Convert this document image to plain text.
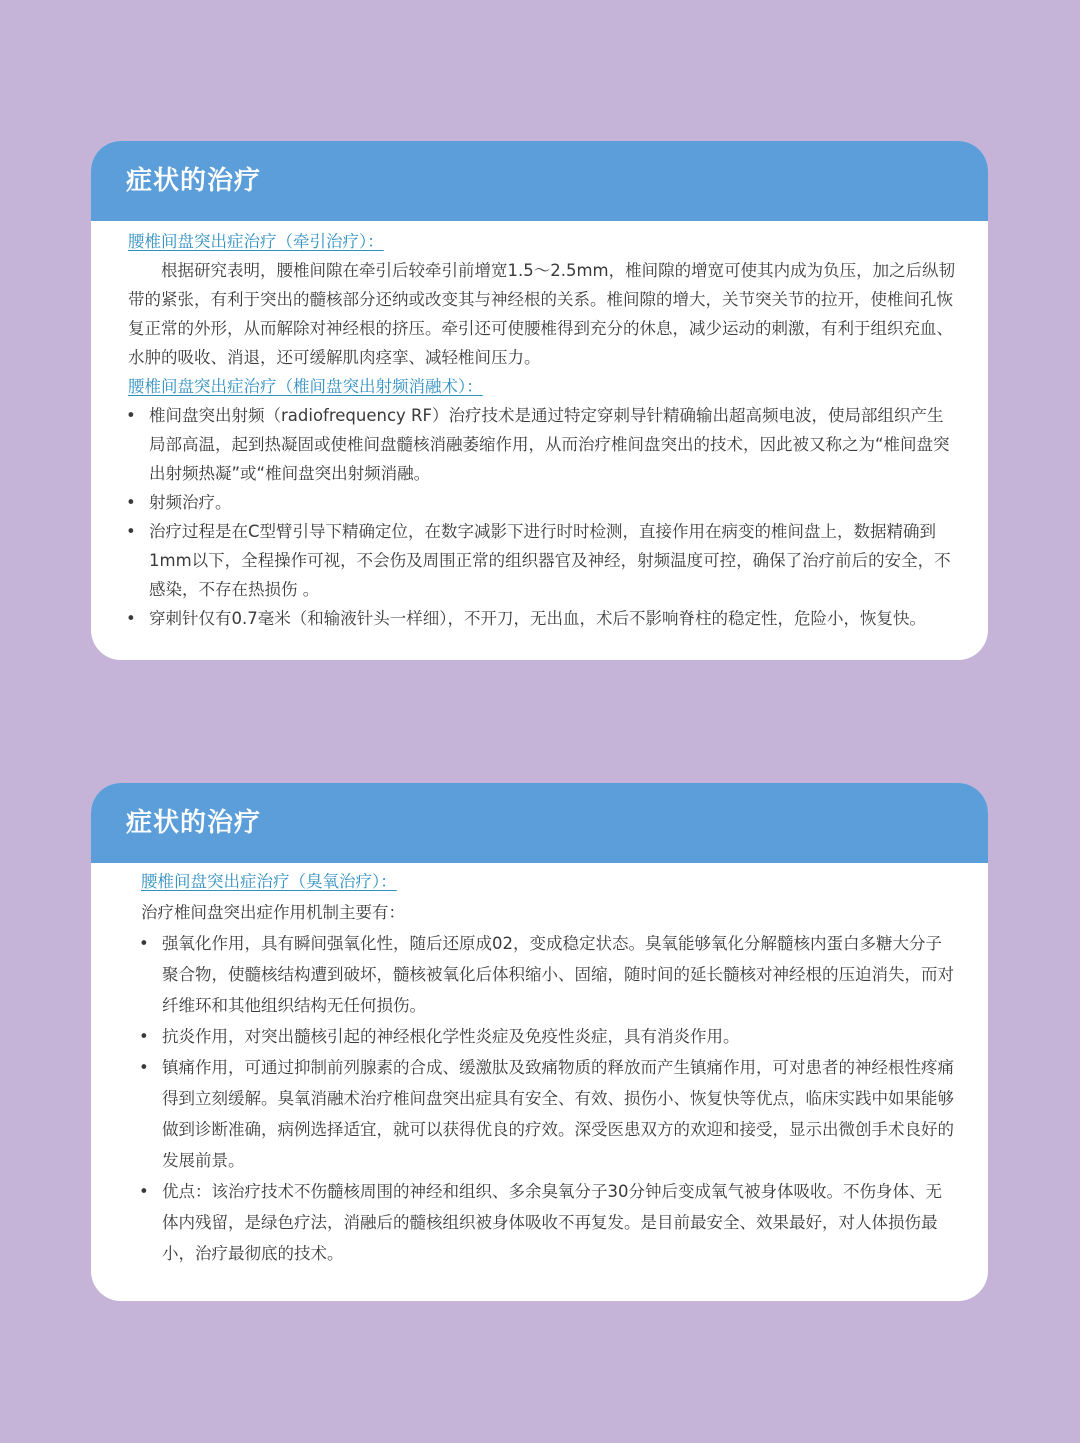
症状的治疗
腰椎间盘突出症治疗（牵引治疗）：

根据研究表明，腰椎间隙在牵引后较牵引前增宽1.5～2.5mm，椎间隙的增宽可使其内成为负压，加之后纵韧带的紧张，有利于突出的髓核部分还纳或改变其与神经根的关系。椎间隙的增大，关节突关节的拉开，使椎间孔恢复正常的外形，从而解除对神经根的挤压。牵引还可使腰椎得到充分的休息，减少运动的刺激，有利于组织充血、水肿的吸收、消退，还可缓解肌肉痉挛、减轻椎间压力。

腰椎间盘突出症治疗（椎间盘突出射频消融术）：
• 椎间盘突出射频（radiofrequency RF）治疗技术是通过特定穿刺导针精确输出超高频电波，使局部组织产生局部高温，起到热凝固或使椎间盘髓核消融萎缩作用，从而治疗椎间盘突出的技术，因此被又称之为“椎间盘突出射频热凝”或“椎间盘突出射频消融。
• 射频治疗。
• 治疗过程是在C型臂引导下精确定位，在数字减影下进行时时检测，直接作用在病变的椎间盘上，数据精确到1mm以下，全程操作可视，不会伤及周围正常的组织器官及神经，射频温度可控，确保了治疗前后的安全，不感染，不存在热损伤 。
• 穿刺针仅有0.7毫米（和输液针头一样细），不开刀，无出血，术后不影响脊柱的稳定性，危险小，恢复快。
症状的治疗
腰椎间盘突出症治疗（臭氧治疗）：

治疗椎间盘突出症作用机制主要有：

• 强氧化作用，具有瞬间强氧化性，随后还原成02，变成稳定状态。臭氧能够氧化分解髓核内蛋白多糖大分子聚合物，使髓核结构遭到破坏，髓核被氧化后体积缩小、固缩，随时间的延长髓核对神经根的压迫消失，而对纤维环和其他组织结构无任何损伤。
• 抗炎作用，对突出髓核引起的神经根化学性炎症及免疫性炎症，具有消炎作用。
• 镇痛作用，可通过抑制前列腺素的合成、缓激肽及致痛物质的释放而产生镇痛作用，可对患者的神经根性疼痛得到立刻缓解。臭氧消融术治疗椎间盘突出症具有安全、有效、损伤小、恢复快等优点，临床实践中如果能够做到诊断准确，病例选择适宜，就可以获得优良的疗效。深受医患双方的欢迎和接受，显示出微创手术良好的发展前景。
• 优点：该治疗技术不伤髓核周围的神经和组织、多余臭氧分子30分钟后变成氧气被身体吸收。不伤身体、无体内残留，是绿色疗法，消融后的髓核组织被身体吸收不再复发。是目前最安全、效果最好，对人体损伤最小，治疗最彻底的技术。
